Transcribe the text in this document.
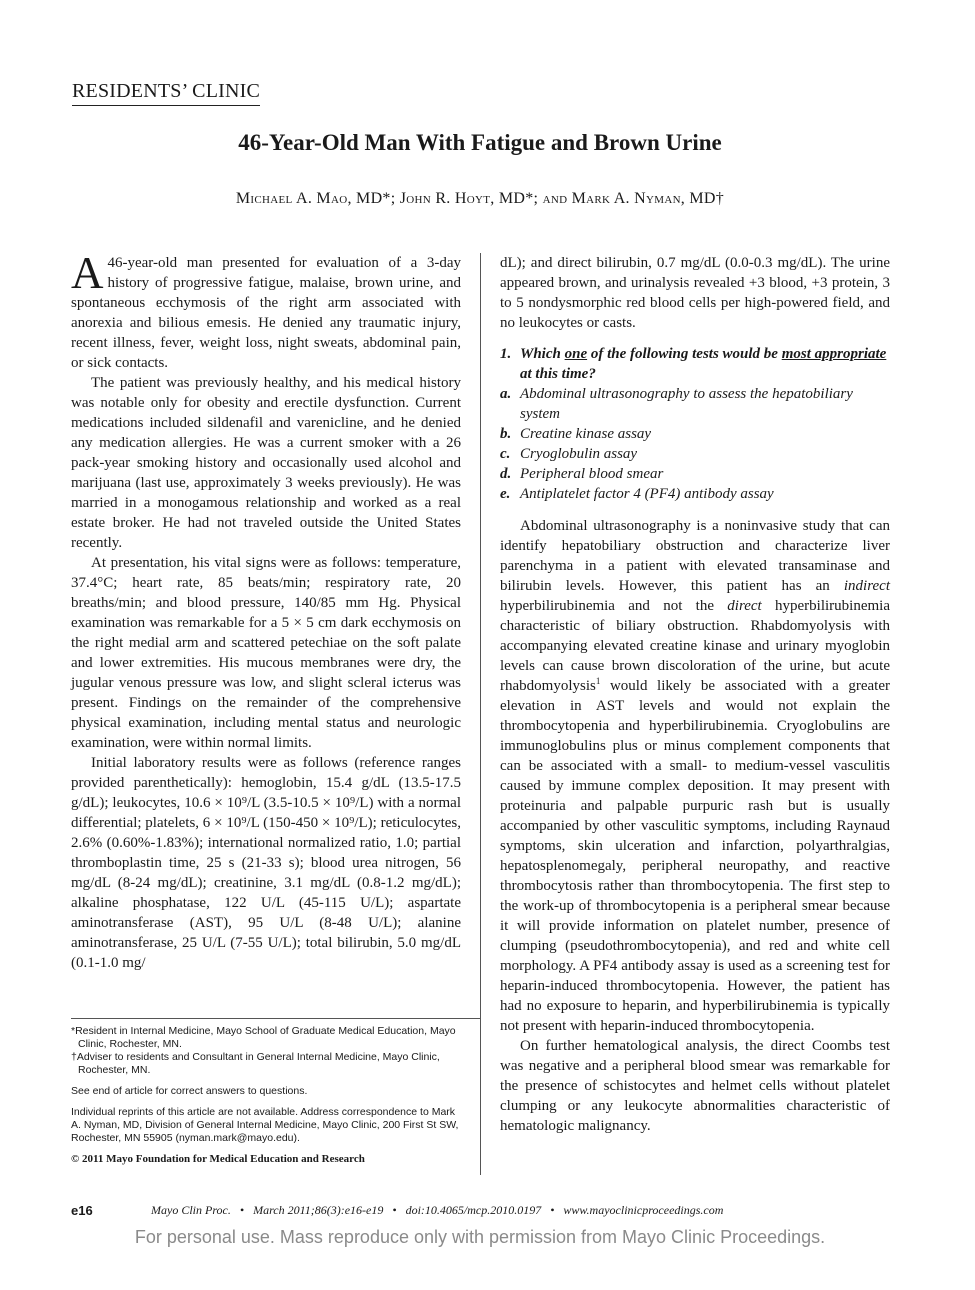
RESIDENTS’ CLINIC
46-Year-Old Man With Fatigue and Brown Urine
Michael A. Mao, MD*; John R. Hoyt, MD*; and Mark A. Nyman, MD†

A 46-year-old man presented for evaluation of a 3-day history of progressive fatigue, malaise, brown urine, and spontaneous ecchymosis of the right arm associated with anorexia and bilious emesis. He denied any traumatic injury, recent illness, fever, weight loss, night sweats, abdominal pain, or sick contacts.

The patient was previously healthy, and his medical history was notable only for obesity and erectile dysfunction. Current medications included sildenafil and varenicline, and he denied any medication allergies. He was a current smoker with a 26 pack-year smoking history and occasionally used alcohol and marijuana (last use, approximately 3 weeks previously). He was married in a monogamous relationship and worked as a real estate broker. He had not traveled outside the United States recently.

At presentation, his vital signs were as follows: temperature, 37.4°C; heart rate, 85 beats/min; respiratory rate, 20 breaths/min; and blood pressure, 140/85 mm Hg. Physical examination was remarkable for a 5 × 5 cm dark ecchymosis on the right medial arm and scattered petechiae on the soft palate and lower extremities. His mucous membranes were dry, the jugular venous pressure was low, and slight scleral icterus was present. Findings on the remainder of the comprehensive physical examination, including mental status and neurologic examination, were within normal limits.

Initial laboratory results were as follows (reference ranges provided parenthetically): hemoglobin, 15.4 g/dL (13.5-17.5 g/dL); leukocytes, 10.6 × 10⁹/L (3.5-10.5 × 10⁹/L) with a normal differential; platelets, 6 × 10⁹/L (150-450 × 10⁹/L); reticulocytes, 2.6% (0.60%-1.83%); international normalized ratio, 1.0; partial thromboplastin time, 25 s (21-33 s); blood urea nitrogen, 56 mg/dL (8-24 mg/dL); creatinine, 3.1 mg/dL (0.8-1.2 mg/dL); alkaline phosphatase, 122 U/L (45-115 U/L); aspartate aminotransferase (AST), 95 U/L (8-48 U/L); alanine aminotransferase, 25 U/L (7-55 U/L); total bilirubin, 5.0 mg/dL (0.1-1.0 mg/

*Resident in Internal Medicine, Mayo School of Graduate Medical Education, Mayo Clinic, Rochester, MN.

†Adviser to residents and Consultant in General Internal Medicine, Mayo Clinic, Rochester, MN.

See end of article for correct answers to questions.

Individual reprints of this article are not available. Address correspondence to Mark A. Nyman, MD, Division of General Internal Medicine, Mayo Clinic, 200 First St SW, Rochester, MN 55905 (nyman.mark@mayo.edu).

© 2011 Mayo Foundation for Medical Education and Research

dL); and direct bilirubin, 0.7 mg/dL (0.0-0.3 mg/dL). The urine appeared brown, and urinalysis revealed +3 blood, +3 protein, 3 to 5 nondysmorphic red blood cells per high-powered field, and no leukocytes or casts.

1. Which one of the following tests would be most appropriate at this time?
a. Abdominal ultrasonography to assess the hepatobiliary system
b. Creatine kinase assay
c. Cryoglobulin assay
d. Peripheral blood smear
e. Antiplatelet factor 4 (PF4) antibody assay

Abdominal ultrasonography is a noninvasive study that can identify hepatobiliary obstruction and characterize liver parenchyma in a patient with elevated transaminase and bilirubin levels. However, this patient has an indirect hyperbilirubinemia and not the direct hyperbilirubinemia characteristic of biliary obstruction. Rhabdomyolysis with accompanying elevated creatine kinase and urinary myoglobin levels can cause brown discoloration of the urine, but acute rhabdomyolysis$^1$ would likely be associated with a greater elevation in AST levels and would not explain the thrombocytopenia and hyperbilirubinemia. Cryoglobulins are immunoglobulins plus or minus complement components that can be associated with a small- to medium-vessel vasculitis caused by immune complex deposition. It may present with proteinuria and palpable purpuric rash but is usually accompanied by other vasculitic symptoms, including Raynaud symptoms, skin ulceration and infarction, polyarthralgias, hepatosplenomegaly, peripheral neuropathy, and reactive thrombocytosis rather than thrombocytopenia. The first step to the work-up of thrombocytopenia is a peripheral smear because it will provide information on platelet number, presence of clumping (pseudothrombocytopenia), and red and white cell morphology. A PF4 antibody assay is used as a screening test for heparin-induced thrombocytopenia. However, the patient has had no exposure to heparin, and hyperbilirubinemia is typically not present with heparin-induced thrombocytopenia.

On further hematological analysis, the direct Coombs test was negative and a peripheral blood smear was remarkable for the presence of schistocytes and helmet cells without platelet clumping or any leukocyte abnormalities characteristic of hematologic malignancy.

e16	Mayo Clin Proc.   •   March 2011;86(3):e16-e19   •   doi:10.4065/mcp.2010.0197   •   www.mayoclinicproceedings.com
For personal use. Mass reproduce only with permission from Mayo Clinic Proceedings.
